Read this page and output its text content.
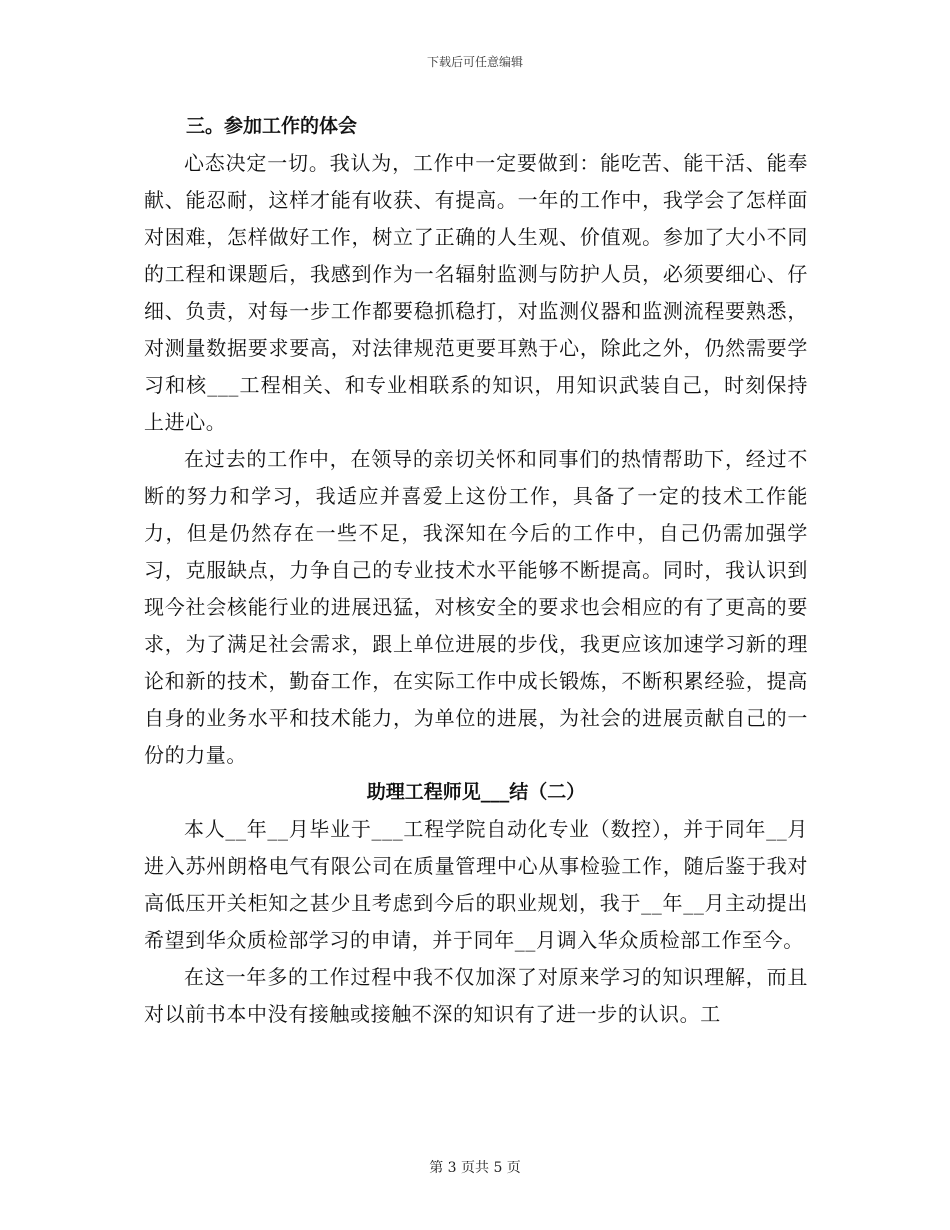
下载后可任意编辑
三。参加工作的体会

心态决定一切。我认为，工作中一定要做到：能吃苦、能干活、能奉献、能忍耐，这样才能有收获、有提高。一年的工作中，我学会了怎样面对困难，怎样做好工作，树立了正确的人生观、价值观。参加了大小不同的工程和课题后，我感到作为一名辐射监测与防护人员，必须要细心、仔细、负责，对每一步工作都要稳抓稳打，对监测仪器和监测流程要熟悉，对测量数据要求要高，对法律规范更要耳熟于心，除此之外，仍然需要学习和核___工程相关、和专业相联系的知识，用知识武装自己，时刻保持上进心。

在过去的工作中，在领导的亲切关怀和同事们的热情帮助下，经过不断的努力和学习，我适应并喜爱上这份工作，具备了一定的技术工作能力，但是仍然存在一些不足，我深知在今后的工作中，自己仍需加强学习，克服缺点，力争自己的专业技术水平能够不断提高。同时，我认识到现今社会核能行业的进展迅猛，对核安全的要求也会相应的有了更高的要求，为了满足社会需求，跟上单位进展的步伐，我更应该加速学习新的理论和新的技术，勤奋工作，在实际工作中成长锻炼，不断积累经验，提高自身的业务水平和技术能力，为单位的进展，为社会的进展贡献自己的一份的力量。

助理工程师见___结（二）

本人__年__月毕业于___工程学院自动化专业（数控），并于同年__月进入苏州朗格电气有限公司在质量管理中心从事检验工作，随后鉴于我对高低压开关柜知之甚少且考虑到今后的职业规划，我于__年__月主动提出希望到华众质检部学习的申请，并于同年__月调入华众质检部工作至今。

在这一年多的工作过程中我不仅加深了对原来学习的知识理解，而且对以前书本中没有接触或接触不深的知识有了进一步的认识。工

第 3 页共 5 页
